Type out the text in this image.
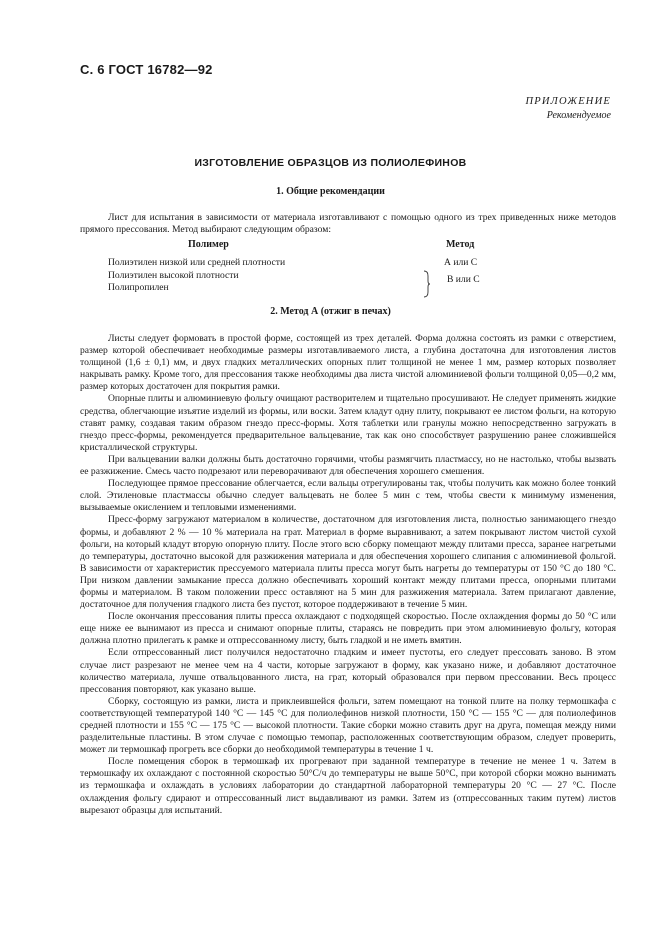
С. 6 ГОСТ 16782—92
ПРИЛОЖЕНИЕ
Рекомендуемое
ИЗГОТОВЛЕНИЕ ОБРАЗЦОВ ИЗ ПОЛИОЛЕФИНОВ
1. Общие рекомендации

Лист для испытания в зависимости от материала изготавливают с помощью одного из трех приведенных ниже методов прямого прессования. Метод выбирают следующим образом:

Полимер	Метод
Полиэтилен низкой или средней плотности	А или С
Полиэтилен высокой плотности	В или С
Полипропилен
2. Метод А (отжиг в печах)

Листы следует формовать в простой форме, состоящей из трех деталей. Форма должна состоять из рамки с отверстием, размер которой обеспечивает необходимые размеры изготавливаемого листа, а глубина достаточна для изготовления листов толщиной (1,6 ± 0,1) мм, и двух гладких металлических опорных плит толщиной не менее 1 мм, размер которых позволяет накрывать рамку. Кроме того, для прессования также необходимы два листа чистой алюминиевой фольги толщиной 0,05—0,2 мм, размер которых достаточен для покрытия рамки.

Опорные плиты и алюминиевую фольгу очищают растворителем и тщательно просушивают. Не следует применять жидкие средства, облегчающие изъятие изделий из формы, или воски. Затем кладут одну плиту, покрывают ее листом фольги, на которую ставят рамку, создавая таким образом гнездо пресс-формы. Хотя таблетки или гранулы можно непосредственно загружать в гнездо пресс-формы, рекомендуется предварительное вальцевание, так как оно способствует разрушению ранее сложившейся кристаллической структуры.

При вальцевании валки должны быть достаточно горячими, чтобы размягчить пластмассу, но не настолько, чтобы вызвать ее разжижение. Смесь часто подрезают или переворачивают для обеспечения хорошего смешения.

Последующее прямое прессование облегчается, если вальцы отрегулированы так, чтобы получить как можно более тонкий слой. Этиленовые пластмассы обычно следует вальцевать не более 5 мин с тем, чтобы свести к минимуму изменения, вызываемые окислением и тепловыми изменениями.

Пресс-форму загружают материалом в количестве, достаточном для изготовления листа, полностью занимающего гнездо формы, и добавляют 2 % — 10 % материала на грат. Материал в форме выравнивают, а затем покрывают листом чистой сухой фольги, на который кладут вторую опорную плиту. После этого всю сборку помещают между плитами пресса, заранее нагретыми до температуры, достаточно высокой для разжижения материала и для обеспечения хорошего слипания с алюминиевой фольгой. В зависимости от характеристик прессуемого материала плиты пресса могут быть нагреты до температуры от 150 °С до 180 °С. При низком давлении замыкание пресса должно обеспечивать хороший контакт между плитами пресса, опорными плитами формы и материалом. В таком положении пресс оставляют на 5 мин для разжижения материала. Затем прилагают давление, достаточное для получения гладкого листа без пустот, которое поддерживают в течение 5 мин.

После окончания прессования плиты пресса охлаждают с подходящей скоростью. После охлаждения формы до 50 °С или еще ниже ее вынимают из пресса и снимают опорные плиты, стараясь не повредить при этом алюминиевую фольгу, которая должна плотно прилегать к рамке и отпрессованному листу, быть гладкой и не иметь вмятин.

Если отпрессованный лист получился недостаточно гладким и имеет пустоты, его следует прессовать заново. В этом случае лист разрезают не менее чем на 4 части, которые загружают в форму, как указано ниже, и добавляют достаточное количество материала, лучше отвальцованного листа, на грат, который образовался при первом прессовании. Весь процесс прессования повторяют, как указано выше.

Сборку, состоящую из рамки, листа и приклеившейся фольги, затем помещают на тонкой плите на полку термошкафа с соответствующей температурой 140 °С — 145 °С для полиолефинов низкой плотности, 150 °С — 155 °С — для полиолефинов средней плотности и 155 °С — 175 °С — высокой плотности. Такие сборки можно ставить друг на друга, помещая между ними разделительные пластины. В этом случае с помощью темопар, расположенных соответствующим образом, следует проверить, может ли термошкаф прогреть все сборки до необходимой температуры в течение 1 ч.

После помещения сборок в термошкаф их прогревают при заданной температуре в течение не менее 1 ч. Затем в термошкафу их охлаждают с постоянной скоростью 50°С/ч до температуры не выше 50°С, при которой сборки можно вынимать из термошкафа и охлаждать в условиях лаборатории до стандартной лабораторной температуры 20 °С — 27 °С. После охлаждения фольгу сдирают и отпрессованный лист выдавливают из рамки. Затем из (отпрессованных таким путем) листов вырезают образцы для испытаний.
